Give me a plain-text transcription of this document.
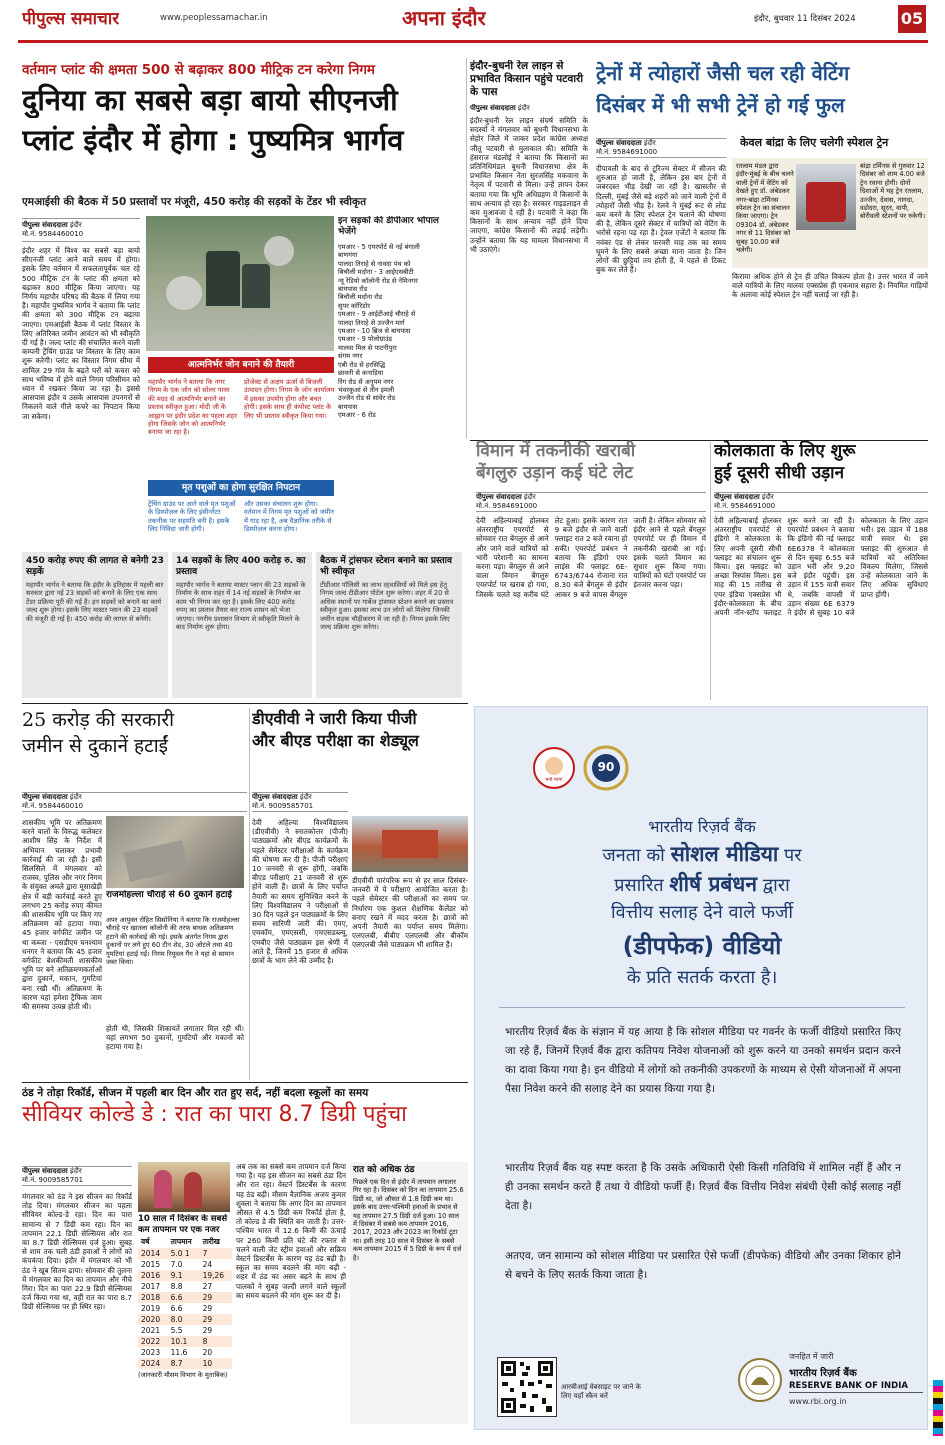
पीपुल्स समाचार	www.peoplessamachar.in	अपना इंदौर	इंदौर, बुधवार 11 दिसंबर 2024	05
वर्तमान प्लांट की क्षमता 500 से बढ़ाकर 800 मीट्रिक टन करेगा निगम
दुनिया का सबसे बड़ा बायो सीएनजी
प्लांट इंदौर में होगा : पुष्यमित्र भार्गव
एमआईसी की बैठक में 50 प्रस्तावों पर मंजूरी, 450 करोड़ की सड़कों के टेंडर भी स्वीकृत
पीपुल्स संवाददाता इंदौर
मो.नं. 9584460010
इंदौर शहर में विश्व का सबसे बड़ा बायो सीएनजी प्लांट आने वाले समय में होगा। इसके लिए वर्तमान में सफलतापूर्वक चल रहे 500 मीट्रिक टन के प्लांट की क्षमता को बढ़ाकर 800 मीट्रिक किया जाएगा। यह निर्णय महापौर परिषद की बैठक में लिया गया है। महापौर पुष्यमित्र भार्गव ने बताया कि प्लांट की क्षमता को 300 मीट्रिक टन बढ़ाया जाएगा। एमआईसी बैठक में प्लांट विस्तार के लिए अतिरिक्त जमीन आवंटन को भी स्वीकृति दी गई है। जल्द प्लांट की संचालित करने वाली कम्पनी ट्रेंचिंग ग्राउंड पर विस्तार के लिए काम शुरू करेगी। प्लांट का विस्तार निगम सीमा में शामिल 29 गांव के बढ़ते घरों को कचरा को साथ भविष्य में होने वाले निगम परिसीमन को ध्यान में रखकर किया जा रहा है। इससे आसपास इंदौर व उसके आसपास उपनगरों से निकलने वाले गीले कचरे का निपटान किया जा सकेगा।
इन सड़कों की डीपीआर भोपाल भेजेंगे
एमआर - 5 एयरपोर्ट से नई बंगाली
बाणगंगा
पालदा तिराहे से नावदा पंथ को
बिचौली मर्दाना - 3 आईएसबीटी
न्यू रेडियो कॉलोनी रोड से नेमिनगर
बायपास रोड
बिचौली मर्दाना रोड
सुपर कॉरिडोर
एमआर - 9 आईटीआई चौराहे से
पालदा तिराहे से उज्जैन मार्ग
एमआर - 10 ब्रिज से बायपास
एमआर - 9 पोलोग्राउंड
मालवा मिल से पाटनीपुरा
संगम नगर
एबी रोड से हरसिद्धि
छावनी से कनाड़िया
रिंग रोड से अनुपम नगर
भंवरकुआं से तीन इमली
उज्जैन रोड से सांवेर रोड
बायपास
एमआर - 6 रोड
आत्मनिर्भर जोन बनाने की तैयारी
महापौर भार्गव ने बताया कि नगर निगम के एक जोन को सोलर पावर की मदद से आत्मनिर्भर बनाने का प्रस्ताव स्वीकृत हुआ। मोदी जी के आह्वान पर इंदौर प्रदेश का पहला शहर होगा जिसके जोन को आत्मनिर्भर बनाया जा रहा है।
प्रोजेक्ट से अक्षय ऊर्जा से बिजली उत्पादन होगा। निगम के जोन कार्यालय में इसका उपयोग होगा और बचत होगी। इसके साथ ही कंपोस्ट प्लांट के लिए भी प्रस्ताव स्वीकृत किया गया।
मृत पशुओं का होगा सुरक्षित निपटान
ट्रेंचिंग ग्राउंड पर आने वाले मृत पशुओं के डिस्पोज़ल के लिए इंसीनरेटर तकनीक पर सहमति बनी है। इसके लिए निविदा जारी होगी।
और उसका संचालन शुरू होगा। वर्तमान में निगम मृत पशुओं को जमीन में गाड़ रहा है, अब वैज्ञानिक तरीके से डिस्पोज़ल करना होगा।
450 करोड़ रुपए की लागत से बनेगी 23 सड़कें
महापौर भार्गव ने बताया कि इंदौर के इतिहास में पहली बार सरकार द्वारा नई 23 सड़कों को बनाने के लिए एक साथ टेंडर प्रक्रिया पूरी की गई है। इन सड़कों को बनाने का कार्य जल्द शुरू होगा। इसके लिए मास्टर प्लान की 23 सड़कों की मंजूरी दी गई है। 450 करोड़ की लागत से बनेगी।
14 सड़कों के लिए 400 करोड़ रु. का प्रस्ताव
महापौर भार्गव ने बताया मास्टर प्लान की 23 सड़कों के निर्माण के साथ शहर में 14 नई सड़कों के निर्माण का काम भी निगम कर रहा है। इसके लिए 400 करोड़ रुपए का प्रस्ताव तैयार कर राज्य शासन को भेजा जाएगा। नगरीय प्रशासन विभाग से स्वीकृति मिलने के बाद निर्माण शुरू होगा।
बैठक में ट्रांसफर स्टेशन बनाने का प्रस्ताव भी स्वीकृत
टीडीआर पॉलिसी का लाभ रहवासियों को मिले इस हेतु निगम जल्द टीडीआर पोर्टल शुरू करेगा। शहर में 20 से अधिक स्थानों पर गार्बेज ट्रांसफर स्टेशन बनाने का प्रस्ताव स्वीकृत हुआ। इसका लाभ उन लोगों को मिलेगा जिनकी जमीन सड़क चौड़ीकरण में जा रही है। निगम इसके लिए जल्द प्रक्रिया शुरू करेगा।
इंदौर-बुधनी रेल लाइन से प्रभावित किसान पहुंचे पटवारी के पास
पीपुल्स संवाददाता इंदौर
इंदौर-बुधनी रेल लाइन संघर्ष समिति के सदस्यों ने मंगलवार को बुधनी विधानसभा के सेहोर जिले में जाकर प्रदेश कांग्रेस अध्यक्ष जीतू पटवारी से मुलाकात की। समिति के हंसराज मंडलोई ने बताया कि किसानों का प्रतिनिधिमंडल बुधनी विधानसभा क्षेत्र के प्रभावित किसान नेता सुरजसिंह मकवाना के नेतृत्व में पटवारी से मिला। उन्हें ज्ञापन देकर बताया गया कि भूमि अधिग्रहण में किसानों के साथ अन्याय हो रहा है। सरकार गाइडलाइन से कम मुआवजा दे रही है। पटवारी ने कहा कि किसानों के साथ अन्याय नहीं होने दिया जाएगा, कांग्रेस किसानों की लड़ाई लड़ेगी। उन्होंने बताया कि यह मामला विधानसभा में भी उठाएंगे।
ट्रेनों में त्योहारों जैसी चल रही वेटिंग
दिसंबर में भी सभी ट्रेनें हो गई फुल
केवल बांद्रा के लिए चलेगी स्पेशल ट्रेन
पीपुल्स संवाददाता इंदौर
मो.नं. 9584691000
दीपावली के बाद से टूरिज्म सेक्टर में सीजन की शुरुआत हो जाती है, लेकिन इस बार ट्रेनों में जबरदस्त भीड़ देखी जा रही है। खासतौर से दिल्ली, मुंबई जैसे बड़े शहरों को जाने वाली ट्रेनों में त्योहारों जैसी भीड़ है। रेलवे ने मुंबई रूट से लोड कम करने के लिए स्पेशल ट्रेन चलाने की घोषणा की है, लेकिन दूसरे सेक्टर में यात्रियों को वेटिंग के भरोसे रहना पड़ रहा है। ट्रेवल एजेंटों ने बताया कि नवंबर एंड से लेकर फरवरी माह तक का समय घूमने के लिए सबसे अच्छा माना जाता है। जिन लोगों की छुट्टियां तय होती हैं, वे पहले से टिकट बुक कर लेते हैं।
रतलाम मंडल द्वारा इंदौर-मुंबई के बीच चलने वाली ट्रेनों में वेटिंग को देखते हुए डॉ. अंबेडकर नगर-बांद्रा टर्मिनस स्पेशल ट्रेन का संचालन किया जाएगा। ट्रेन 09304 डॉ. अंबेडकर नगर से 11 दिसंबर को सुबह 10.00 बजे चलेगी।
बांद्रा टर्मिनस से गुरुवार 12 दिसंबर को शाम 4.00 बजे ट्रेन रवाना होगी। दोनों दिशाओं में यह ट्रेन रतलाम, उज्जैन, देवास, नागदा, वडोदरा, सूरत, वापी, बोरीवली स्टेशनों पर रुकेगी।
किराया अधिक होने से ट्रेन ही उचित विकल्प होता है। उत्तर भारत में जाने वाले यात्रियों के लिए मालवा एक्सप्रेस ही एकमात्र सहारा है। नियमित गाड़ियों के अलावा कोई स्पेशल ट्रेन नहीं चलाई जा रही है।
विमान में तकनीकी खराबी
बेंगलुरु उड़ान कई घंटे लेट
पीपुल्स संवाददाता इंदौर
मो.नं. 9584691000
देवी अहिल्याबाई होलकर अंतरराष्ट्रीय एयरपोर्ट से सोमवार रात बेंगलुरु से आने और जाने वाले यात्रियों को भारी परेशानी का सामना करना पड़ा। बेंगलुरु से आने वाला विमान बेंगलुरु एयरपोर्ट पर खराब हो गया, जिसके चलते यह करीब घंटे लेट हुआ। इसके कारण रात 9 बजे इंदौर से जाने वाली फ्लाइट रात 2 बजे रवाना हो सकी। एयरपोर्ट प्रबंधन ने बताया कि इंडिगो एयर लाइंस की फ्लाइट 6E-6743/6744 रोजाना रात 8.30 बजे बेंगलुरु से इंदौर आकर 9 बजे वापस बेंगलुरु जाती है। लेकिन सोमवार को इंदौर आने से पहले बेंगलुरु एयरपोर्ट पर ही विमान में तकनीकी खराबी आ गई। इसके चलते विमान का सुधार शुरू किया गया। यात्रियों को घंटों एयरपोर्ट पर इंतजार करना पड़ा।
कोलकाता के लिए शुरू
हुई दूसरी सीधी उड़ान
पीपुल्स संवाददाता इंदौर
मो.नं. 9584691000
देवी अहिल्याबाई होलकर अंतरराष्ट्रीय एयरपोर्ट से इंडिगो ने कोलकाता के लिए अपनी दूसरी सीधी फ्लाइट का संचालन शुरू किया। इस फ्लाइट को अच्छा रिस्पांस मिला। इस माह की 15 तारीख से एयर इंडिया एक्सप्रेस भी इंदौर-कोलकाता के बीच अपनी नॉन-स्टॉप फ्लाइट शुरू करने जा रही है। एयरपोर्ट प्रबंधन ने बताया कि इंडिगो की नई फ्लाइट 6E6378 ने कोलकाता से दिन सुबह 6.55 बजे उड़ान भरी और 9.20 बजे इंदौर पहुंची। इस उड़ान में 155 यात्री सवार थे, जबकि वापसी में उड़ान संख्या 6E 6379 ने इंदौर से सुबह 10 बजे कोलकाता के लिए उड़ान भरी। इस उड़ान में 188 यात्री सवार थे। इस फ्लाइट की शुरुआत से यात्रियों को अतिरिक्त विकल्प मिलेगा, जिससे उन्हें कोलकाता जाने के लिए अधिक सुविधाएं प्राप्त होंगी।
25 करोड़ की सरकारी
जमीन से दुकानें हटाईं
पीपुल्स संवाददाता इंदौर
मो.नं. 9584460010
शासकीय भूमि पर अतिक्रमण करने वालों के विरुद्ध कलेक्टर आशीष सिंह के निर्देश में अभियान चलाकर प्रभावी कार्रवाई की जा रही है। इसी सिलसिले में मंगलवार को राजस्व, पुलिस और नगर निगम के संयुक्त अमले द्वारा मूसाखेड़ी क्षेत्र में बड़ी कार्रवाई करते हुए लगभग 25 करोड़ रुपए कीमत की शासकीय भूमि पर किए गए अतिक्रमण को हटाया गया। 45 हजार वर्गफीट जमीन पर था कब्जा - एसडीएम घनश्याम धनगर ने बताया कि 45 हजार वर्गफीट बेशकीमती शासकीय भूमि पर बने अतिक्रमणकर्ताओं द्वारा दुकानें, मकान, गुमटियां बना रखी थीं। अतिक्रमण के कारण यहां हमेशा ट्रैफिक जाम की समस्या उत्पन्न होती थी।
राजमोहल्ला चौराहे से 60 दुकानें हटाईं
अपर आयुक्त रोहित सिसोनिया ने बताया कि राजमोहल्ला चौराहे पर खातला कॉलोनी की तरफ बाधक अतिक्रमण हटाने की कार्रवाई की गई। इसके अंतर्गत निगम द्वारा दुकानों पर लगे हुए 60 टीन शेड, 30 ओटले तथा 40 गुमटियां हटाई गईं। निगम रिमूवल गैंग ने यहां से सामान जब्त किया।
होती थी, जिसकी शिकायतें लगातार मिल रही थीं। यहां लगभग 50 दुकानों, गुमटियों और मकानों को हटाया गया है।
डीएवीवी ने जारी किया पीजी
और बीएड परीक्षा का शेड्यूल
पीपुल्स संवाददाता इंदौर
मो.नं. 9009585701
देवी अहिल्या विश्वविद्यालय (डीएवीवी) ने स्नातकोत्तर (पीजी) पाठ्यक्रमों और बीएड कार्यक्रमों के पहले सेमेस्टर परीक्षाओं के कार्यक्रम की घोषणा कर दी है। पीजी परीक्षाएं 10 जनवरी से शुरू होंगी, जबकि बीएड परीक्षाएं 21 जनवरी से शुरू होने वाली हैं। छात्रों के लिए पर्याप्त तैयारी का समय सुनिश्चित करने के लिए विश्वविद्यालय ने परीक्षाओं से 30 दिन पहले इन पाठ्यक्रमों के लिए समय सारिणी जारी की। एमए, एमकॉम, एमएससी, एमएसडब्ल्यू, एमबीए जैसे पाठ्यक्रम इस श्रेणी में आते हैं, जिनमें 15 हजार से अधिक छात्रों के भाग लेने की उम्मीद है।
डीएवीवी पारंपरिक रूप से हर साल दिसंबर-जनवरी में ये परीक्षाएं आयोजित करता है। पहले सेमेस्टर की परीक्षाओं का समय पर निर्धारण एक कुशल शैक्षणिक कैलेंडर को बनाए रखने में मदद करता है। छात्रों को अपनी तैयारी का पर्याप्त समय मिलेगा। एलएलबी, बीबीए एलएलबी और बीकॉम एलएलबी जैसे पाठ्यक्रम भी शामिल हैं।
ठंड ने तोड़ा रिकॉर्ड, सीजन में पहली बार दिन और रात हुए सर्द, नहीं बदला स्कूलों का समय
सीवियर कोल्डे डे : रात का पारा 8.7 डिग्री पहुंचा
पीपुल्स संवाददाता इंदौर
मो.नं. 9009585701
मंगलवार को ठंड ने इस सीजन का रिकॉर्ड तोड़ दिया। मंगलवार सीजन का पहला सीवियर कोल्ड-डे रहा। दिन का पारा सामान्य से 7 डिग्री कम रहा। दिन का तापमान 22.1 डिग्री सेल्सियस और रात का 8.7 डिग्री सेल्सियस दर्ज हुआ। सुबह से शाम तक चली ठंडी हवाओं ने लोगों को कंपकंपा दिया। इंदौर में मंगलवार को भी ठंड ने खूब सितम ढाया। सोमवार की तुलना में मंगलवार का दिन का तापमान और नीचे गिरा। दिन का पारा 22.9 डिग्री सेल्सियस दर्ज किया गया था, वहीं रात का पारा 8.7 डिग्री सेल्सियस पर ही स्थिर रहा।
10 साल में दिसंबर के सबसे कम तापमान पर एक नजर
वर्ष	तापमान	तारीख
2014	5.0 1	7
2015	7.0	24
2016	9.1	19,26
2017	8.8	27
2018	6.6	29
2019	6.6	29
2020	8.0	29
2021	5.5	29
2022	10.1	8
2023	11.6	20
2024	8.7	10
(जानकारी मौसम विभाग के मुताबिक)
अब तक का सबसे कम तापमान दर्ज किया गया है। यह इस सीजन का सबसे ठंडा दिन और रात रहा। वेस्टर्न डिस्टर्बेंस के कारण यह ठंड बढ़ी। मौसम वैज्ञानिक अजय कुमार शुक्ला ने बताया कि अगर दिन का तापमान औसत से 4.5 डिग्री कम रिकॉर्ड होता है, तो कोल्ड डे की स्थिति बन जाती है। उत्तर-पश्चिम भारत में 12.6 किमी की ऊंचाई पर 260 किमी प्रति घंटे की रफ्तार से चलने वाली जेट स्ट्रीम हवाओं और सक्रिय वेस्टर्न डिस्टर्बेंस के कारण यह ठंड बढ़ी है। स्कूल का समय बदलने की मांग बढ़ी - शहर में ठंड का असर बढ़ने के साथ ही पालकों ने सुबह जल्दी लगने वाले स्कूलों का समय बदलने की मांग शुरू कर दी है।
रात को अधिक ठंड
पिछले एक दिन से इंदौर में तापमान लगातार गिर रहा है। दिसंबर को दिन का तापमान 25.6 डिग्री था, जो औसत से 1.8 डिग्री कम था। इसके बाद उत्तर-पश्चिमी हवाओं के प्रभाव से यह तापमान 27.5 डिग्री दर्ज हुआ। 10 साल में दिसंबर में सबसे कम तापमान 2016, 2017, 2023 और 2023 का रिकॉर्ड टूटा था। इसी तरह 10 साल में दिसंबर के सबसे कम तापमान 2015 में 5 डिग्री के रूप में दर्ज है।
मनी मामा
90
भारतीय रिज़र्व बैंक
जनता को सोशल मीडिया पर
प्रसारित शीर्ष प्रबंधन द्वारा
वित्तीय सलाह देने वाले फर्जी
(डीपफेक) वीडियो
के प्रति सतर्क करता है।
भारतीय रिज़र्व बैंक के संज्ञान में यह आया है कि सोशल मीडिया पर गवर्नर के फर्जी वीडियो प्रसारित किए जा रहे हैं, जिनमें रिज़र्व बैंक द्वारा कतिपय निवेश योजनाओं को शुरू करने या उनको समर्थन प्रदान करने का दावा किया गया है। इन वीडियो में लोगों को तकनीकी उपकरणों के माध्यम से ऐसी योजनाओं में अपना पैसा निवेश करने की सलाह देने का प्रयास किया गया है।
भारतीय रिज़र्व बैंक यह स्पष्ट करता है कि उसके अधिकारी ऐसी किसी गतिविधि में शामिल नहीं हैं और न ही उनका समर्थन करते हैं तथा ये वीडियो फर्जी हैं। रिज़र्व बैंक वित्तीय निवेश संबंधी ऐसी कोई सलाह नहीं देता है।
अतएव, जन सामान्य को सोशल मीडिया पर प्रसारित ऐसे फर्जी (डीपफेक) वीडियो और उनका शिकार होने से बचने के लिए सतर्क किया जाता है।
आरबीआई वेबसाइट पर जाने के लिए यहाँ स्कैन करें
जनहित में जारी
भारतीय रिज़र्व बैंक
RESERVE BANK OF INDIA
www.rbi.org.in
